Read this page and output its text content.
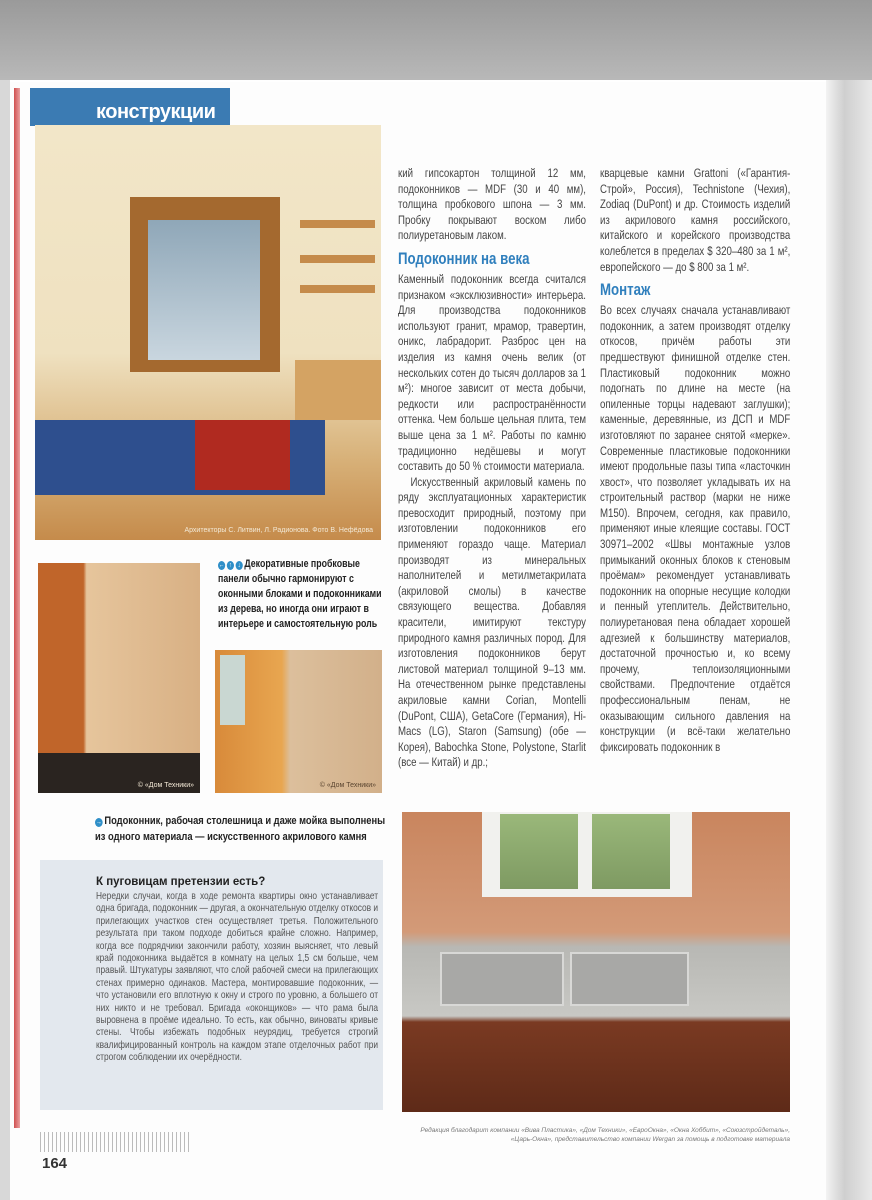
конструкции
Архитекторы С. Литвин, Л. Радионова. Фото В. Нефёдова
© «Дом Техники»	© «Дом Техники»
← ↑ ↓ Декоративные пробковые панели обычно гармонируют с оконными блоками и подоконниками из дерева, но иногда они играют в интерьере и самостоятельную роль
→ Подоконник, рабочая столешница и даже мойка выполнены из одного материала — искусственного акрилового камня

кий гипсокартон толщиной 12 мм, подоконников — MDF (30 и 40 мм), толщина пробкового шпона — 3 мм. Пробку покрывают воском либо полиуретановым лаком.

Подоконник на века

Каменный подоконник всегда считался признаком «эксклюзивности» интерьера. Для производства подоконников используют гранит, мрамор, травертин, оникс, лабрадорит. Разброс цен на изделия из камня очень велик (от нескольких сотен до тысяч долларов за 1 м²): многое зависит от места добычи, редкости или распространённости оттенка. Чем больше цельная плита, тем выше цена за 1 м². Работы по камню традиционно недёшевы и могут составить до 50 % стоимости материала.

Искусственный акриловый камень по ряду эксплуатационных характеристик превосходит природный, поэтому при изготовлении подоконников его применяют гораздо чаще. Материал производят из минеральных наполнителей и метилметакрилата (акриловой смолы) в качестве связующего вещества. Добавляя красители, имитируют текстуру природного камня различных пород. Для изготовления подоконников берут листовой материал толщиной 9–13 мм. На отечественном рынке представлены акриловые камни Corian, Montelli (DuPont, США), GetaCore (Германия), Hi-Macs (LG), Staron (Samsung) (обе — Корея), Babochka Stone, Polystone, Starlit (все — Китай) и др.;

кварцевые камни Grattoni («Гарантия-Строй», Россия), Technistone (Чехия), Zodiaq (DuPont) и др. Стоимость изделий из акрилового камня российского, китайского и корейского производства колеблется в пределах $ 320–480 за 1 м², европейского — до $ 800 за 1 м².

Монтаж

Во всех случаях сначала устанавливают подоконник, а затем производят отделку откосов, причём работы эти предшествуют финишной отделке стен. Пластиковый подоконник можно подогнать по длине на месте (на опиленные торцы надевают заглушки); каменные, деревянные, из ДСП и MDF изготовляют по заранее снятой «мерке». Современные пластиковые подоконники имеют продольные пазы типа «ласточкин хвост», что позволяет укладывать их на строительный раствор (марки не ниже M150). Впрочем, сегодня, как правило, применяют иные клеящие составы. ГОСТ 30971–2002 «Швы монтажные узлов примыканий оконных блоков к стеновым проёмам» рекомендует устанавливать подоконник на опорные несущие колодки и пенный утеплитель. Действительно, полиуретановая пена обладает хорошей адгезией к большинству материалов, достаточной прочностью и, ко всему прочему, теплоизоляционными свойствами. Предпочтение отдаётся профессиональным пенам, не оказывающим сильного давления на конструкции (и всё-таки желательно фиксировать подоконник в

К пуговицам претензии есть?
Нередки случаи, когда в ходе ремонта квартиры окно устанавливает одна бригада, подоконник — другая, а окончательную отделку откосов и прилегающих участков стен осуществляет третья. Положительного результата при таком подходе добиться крайне сложно. Например, когда все подрядчики закончили работу, хозяин выясняет, что левый край подоконника выдаётся в комнату на целых 1,5 см больше, чем правый. Штукатуры заявляют, что слой рабочей смеси на прилегающих стенах примерно одинаков. Мастера, монтировавшие подоконник, — что установили его вплотную к окну и строго по уровню, а большего от них никто и не требовал. Бригада «оконщиков» — что рама была выровнена в проёме идеально. То есть, как обычно, виноваты кривые стены. Чтобы избежать подобных неурядиц, требуется строгий квалифицированный контроль на каждом этапе отделочных работ при строгом соблюдении их очерёдности.
Редакция благодарит компании «Вива Пластика», «Дом Техники», «ЕвроОкна», «Окна Хоббит», «Союзстройдеталь», «Царь-Окна», представительство компании Wergan за помощь в подготовке материала
164
